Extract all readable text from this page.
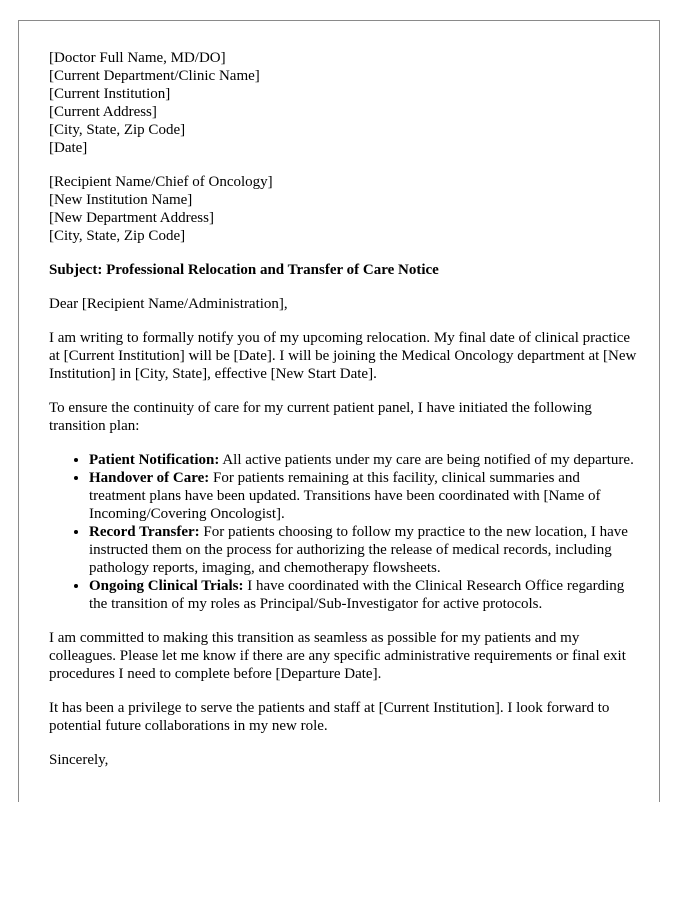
[Doctor Full Name, MD/DO]
[Current Department/Clinic Name]
[Current Institution]
[Current Address]
[City, State, Zip Code]
[Date]
[Recipient Name/Chief of Oncology]
[New Institution Name]
[New Department Address]
[City, State, Zip Code]
Subject: Professional Relocation and Transfer of Care Notice

Dear [Recipient Name/Administration],

I am writing to formally notify you of my upcoming relocation. My final date of clinical practice at [Current Institution] will be [Date]. I will be joining the Medical Oncology department at [New Institution] in [City, State], effective [New Start Date].

To ensure the continuity of care for my current patient panel, I have initiated the following transition plan:

• Patient Notification: All active patients under my care are being notified of my departure.
• Handover of Care: For patients remaining at this facility, clinical summaries and treatment plans have been updated. Transitions have been coordinated with [Name of Incoming/Covering Oncologist].
• Record Transfer: For patients choosing to follow my practice to the new location, I have instructed them on the process for authorizing the release of medical records, including pathology reports, imaging, and chemotherapy flowsheets.
• Ongoing Clinical Trials: I have coordinated with the Clinical Research Office regarding the transition of my roles as Principal/Sub-Investigator for active protocols.

I am committed to making this transition as seamless as possible for my patients and my colleagues. Please let me know if there are any specific administrative requirements or final exit procedures I need to complete before [Departure Date].

It has been a privilege to serve the patients and staff at [Current Institution]. I look forward to potential future collaborations in my new role.

Sincerely,
